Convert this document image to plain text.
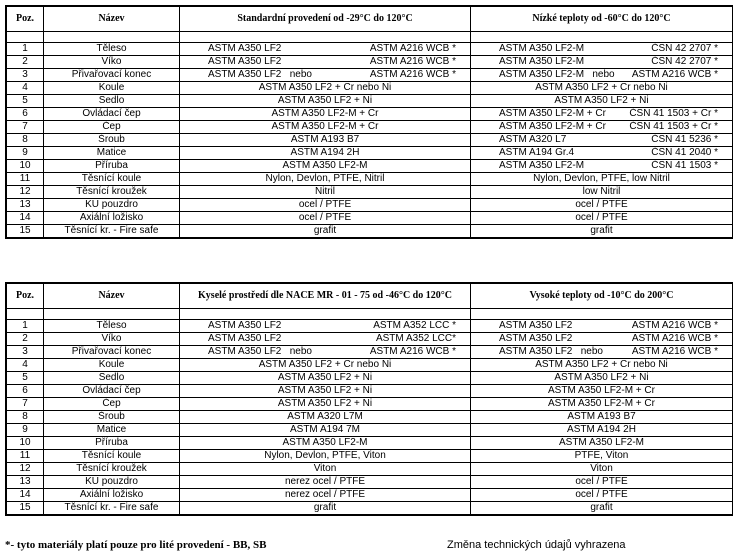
Poz.	Název	Standardní provedení od -29°C do 120°C	Nízké teploty od -60°C do 120°C

1	Těleso	ASTM A350 LF2 ASTM A216 WCB *	ASTM A350 LF2-M ČSN 42 2707 *

2	Víko	ASTM A350 LF2 ASTM A216 WCB *	ASTM A350 LF2-M ČSN 42 2707 *

3	Přivařovací konec	ASTM A350 LF2   nebo ASTM A216 WCB *	ASTM A350 LF2-M   nebo ASTM A216 WCB *

4	Koule	ASTM A350 LF2 + Cr nebo Ni	ASTM A350 LF2 + Cr nebo Ni
5	Sedlo	ASTM A350 LF2 + Ni	ASTM A350 LF2 + Ni
6	Ovládací čep	ASTM A350 LF2-M + Cr	ASTM A350 LF2-M + Cr ČSN 41 1503 + Cr *

7	Čep	ASTM A350 LF2-M + Cr	ASTM A350 LF2-M + Cr ČSN 41 1503 + Cr *

8	Šroub	ASTM A193 B7	ASTM A320 L7 ČSN 41 5236 *

9	Matice	ASTM A194 2H	ASTM A194 Gr.4 ČSN 41 2040 *

10	Příruba	ASTM A350 LF2-M	ASTM A350 LF2-M ČSN 41 1503 *

11	Těsnící koule	Nylon, Devlon, PTFE, Nitril	Nylon, Devlon, PTFE, low Nitril
12	Těsnící kroužek	Nitril	low Nitril
13	KU pouzdro	ocel / PTFE	ocel / PTFE
14	Axiální ložisko	ocel / PTFE	ocel / PTFE
15	Těsnící kr. - Fire safe	grafit	grafit
Poz.	Název	Kyselé prostředí dle NACE MR - 01 - 75 od -46°C do 120°C	Vysoké teploty od -10°C do 200°C

1	Těleso	ASTM A350 LF2 ASTM A352 LCC *	ASTM A350 LF2 ASTM A216 WCB *

2	Víko	ASTM A350 LF2 ASTM A352 LCC*	ASTM A350 LF2 ASTM A216 WCB *

3	Přivařovací konec	ASTM A350 LF2   nebo ASTM A216 WCB *	ASTM A350 LF2   nebo ASTM A216 WCB *

4	Koule	ASTM A350 LF2 + Cr nebo Ni	ASTM A350 LF2 + Cr nebo Ni
5	Sedlo	ASTM A350 LF2 + Ni	ASTM A350 LF2 + Ni
6	Ovládací čep	ASTM A350 LF2 + Ni	ASTM A350 LF2-M + Cr
7	Čep	ASTM A350 LF2 + Ni	ASTM A350 LF2-M + Cr
8	Šroub	ASTM A320 L7M	ASTM A193 B7
9	Matice	ASTM A194 7M	ASTM A194 2H
10	Příruba	ASTM A350 LF2-M	ASTM A350 LF2-M
11	Těsnící koule	Nylon, Devlon, PTFE, Viton	PTFE, Viton
12	Těsnící kroužek	Viton	Viton
13	KU pouzdro	nerez ocel / PTFE	ocel / PTFE
14	Axiální ložisko	nerez ocel / PTFE	ocel / PTFE
15	Těsnící kr. - Fire safe	grafit	grafit
*- tyto materiály platí pouze pro lité provedení - BB, SB	Změna technických údajů vyhrazena
